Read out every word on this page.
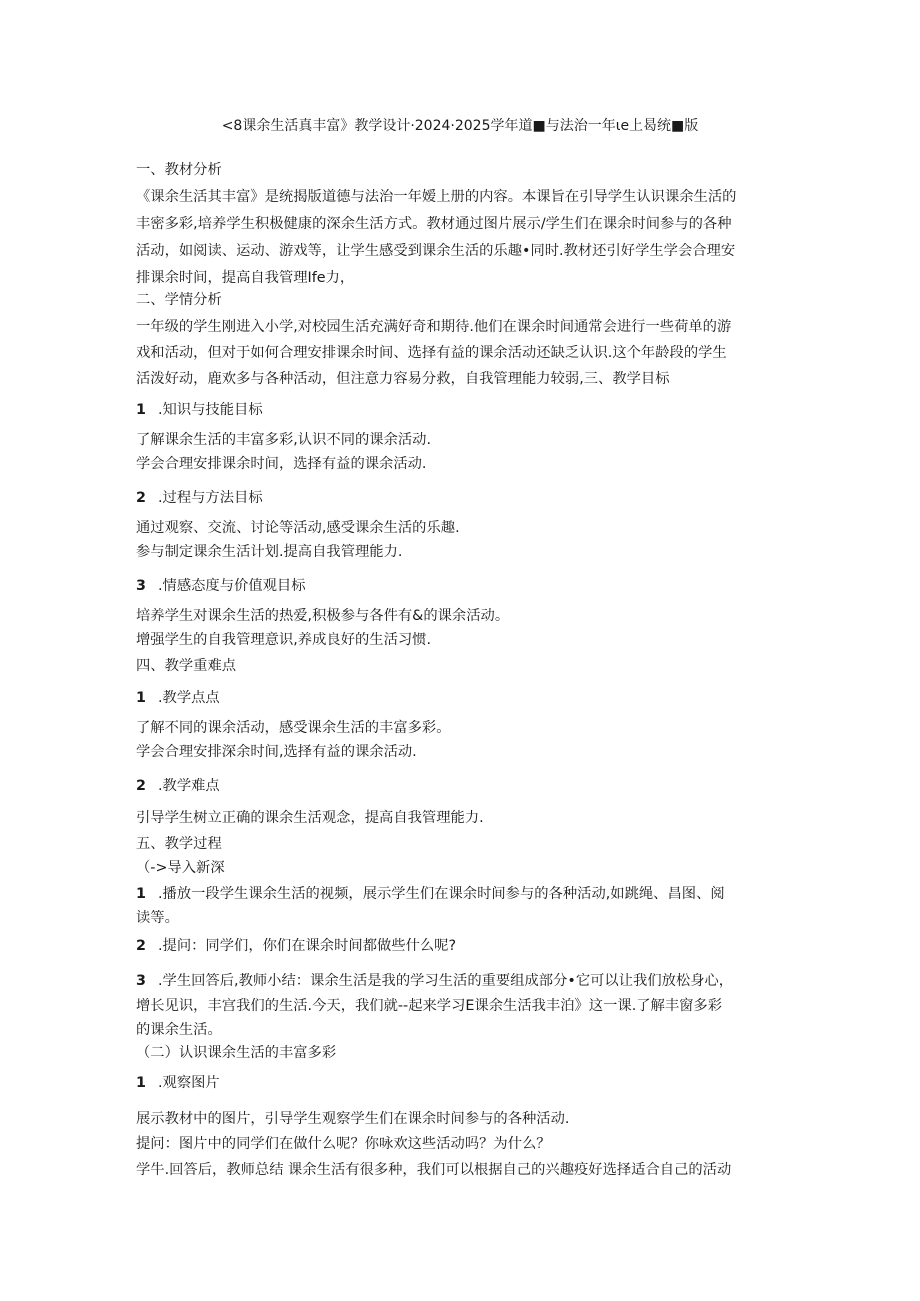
<8课余生活真丰富》教学设计·2024·2025学年道■与法治一年ιe上曷统■版

一、教材分析

《课余生活其丰富》是统揭版道德与法治一年嫒上册的内容。本课旨在引导学生认识课余生活的

丰密多彩,培养学生积极健康的深余生活方式。教材通过图片展示/学生们在课余时间参与的各种

活动，如阅读、运动、游戏等，让学生感受到课余生活的乐趣•同时.教材还引好学生学会合理安

排课余时间，提高自我管理Ife力，

二、学情分析

一年级的学生刚进入小学,对校园生活充满好奇和期待.他们在课余时间通常会进行一些荷单的游

戏和活动，但对于如何合理安排课余时间、选择有益的课余活动还缺乏认识.这个年龄段的学生

活泼好动，鹿欢多与各种活动，但注意力容易分救，自我管理能力较弱,三、教学目标

1 .知识与技能目标

了解课余生活的丰富多彩,认识不同的课余活动.

学会合理安排课余时间，选择有益的课余活动.

2 .过程与方法目标

通过观察、交流、讨论等活动,感受课余生活的乐趣.

参与制定课余生活计划.提高自我管理能力.

3 .情感态度与价值观目标

培养学生对课余生活的热爱,积极参与各件有&的课余活动。

增强学生的自我管理意识,养成良好的生活习惯.

四、教学重难点

1 .教学点点

了解不同的课余活动，感受课余生活的丰富多彩。

学会合理安排深余时间,选择有益的课余活动.

2 .教学难点

引导学生树立正确的课余生活观念，提高自我管理能力.

五、教学过程

（->导入新深

1 .播放一段学生课余生活的视频，展示学生们在课余时间参与的各种活动,如跳绳、昌图、阅

读等。

2 .提问：同学们，你们在课余时间都做些什么呢?

3 .学生回答后,教师小结：课余生活是我的学习生活的重要组成部分•它可以让我们放松身心，

增长见识，丰宫我们的生活.今天，我们就--起来学习E课余生活我丰泊》这一课.了解丰窗多彩

的课余生活。

（二）认识课余生活的丰富多彩

1 .观察图片

展示教材中的图片，引导学生观察学生们在课余时间参与的各种活动.

提问：图片中的同学们在做什么呢？你咏欢这些活动吗？为什么？

学牛.回答后，教师总结 课余生活有很多种，我们可以根据自己的兴趣疫好选择适合自己的活动
